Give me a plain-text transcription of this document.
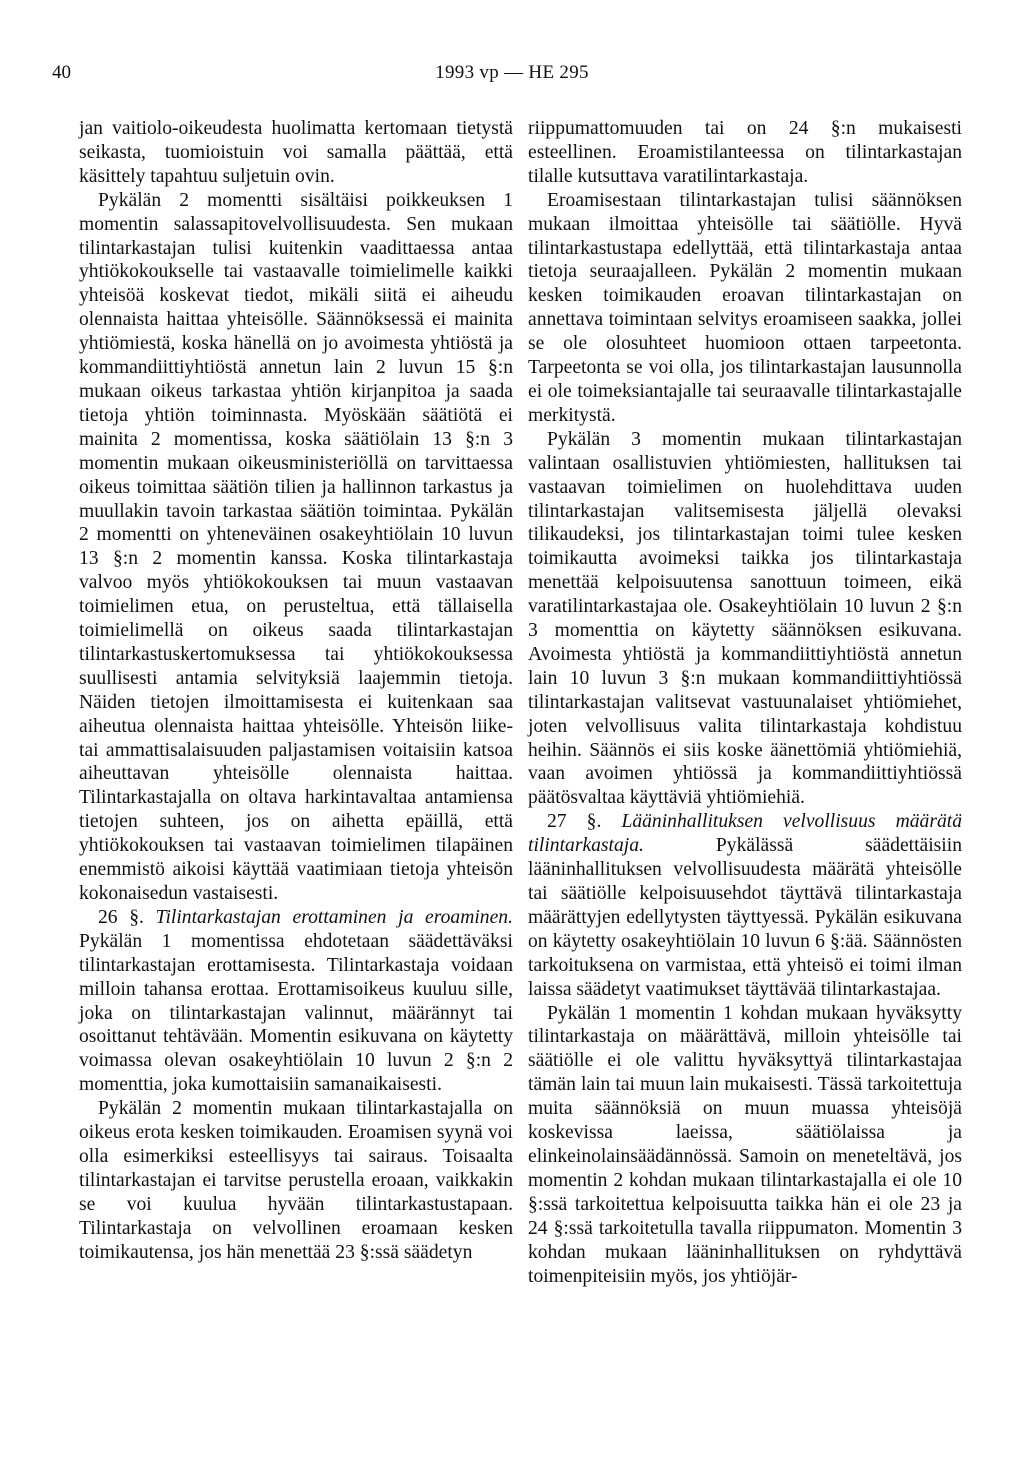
40	1993 vp — HE 295

jan vaitiolo-oikeudesta huolimatta kertomaan tietystä seikasta, tuomioistuin voi samalla päättää, että käsittely tapahtuu suljetuin ovin.

Pykälän 2 momentti sisältäisi poikkeuksen 1 momentin salassapitovelvollisuudesta. Sen mukaan tilintarkastajan tulisi kuitenkin vaadittaessa antaa yhtiökokoukselle tai vastaavalle toimielimelle kaikki yhteisöä koskevat tiedot, mikäli siitä ei aiheudu olennaista haittaa yhteisölle. Säännöksessä ei mainita yhtiömiestä, koska hänellä on jo avoimesta yhtiöstä ja kommandiittiyhtiöstä annetun lain 2 luvun 15 §:n mukaan oikeus tarkastaa yhtiön kirjanpitoa ja saada tietoja yhtiön toiminnasta. Myöskään säätiötä ei mainita 2 momentissa, koska säätiölain 13 §:n 3 momentin mukaan oikeusministeriöllä on tarvittaessa oikeus toimittaa säätiön tilien ja hallinnon tarkastus ja muullakin tavoin tarkastaa säätiön toimintaa. Pykälän 2 momentti on yhteneväinen osakeyhtiölain 10 luvun 13 §:n 2 momentin kanssa. Koska tilintarkastaja valvoo myös yhtiökokouksen tai muun vastaavan toimielimen etua, on perusteltua, että tällaisella toimielimellä on oikeus saada tilintarkastajan tilintarkastuskertomuksessa tai yhtiökokouksessa suullisesti antamia selvityksiä laajemmin tietoja. Näiden tietojen ilmoittamisesta ei kuitenkaan saa aiheutua olennaista haittaa yhteisölle. Yhteisön liike- tai ammattisalaisuuden paljastamisen voitaisiin katsoa aiheuttavan yhteisölle olennaista haittaa. Tilintarkastajalla on oltava harkintavaltaa antamiensa tietojen suhteen, jos on aihetta epäillä, että yhtiökokouksen tai vastaavan toimielimen tilapäinen enemmistö aikoisi käyttää vaatimiaan tietoja yhteisön kokonaisedun vastaisesti.

26 §. Tilintarkastajan erottaminen ja eroaminen. Pykälän 1 momentissa ehdotetaan säädettäväksi tilintarkastajan erottamisesta. Tilintarkastaja voidaan milloin tahansa erottaa. Erottamisoikeus kuuluu sille, joka on tilintarkastajan valinnut, määrännyt tai osoittanut tehtävään. Momentin esikuvana on käytetty voimassa olevan osakeyhtiölain 10 luvun 2 §:n 2 momenttia, joka kumottaisiin samanaikaisesti.

Pykälän 2 momentin mukaan tilintarkastajalla on oikeus erota kesken toimikauden. Eroamisen syynä voi olla esimerkiksi esteellisyys tai sairaus. Toisaalta tilintarkastajan ei tarvitse perustella eroaan, vaikkakin se voi kuulua hyvään tilintarkastustapaan. Tilintarkastaja on velvollinen eroamaan kesken toimikautensa, jos hän menettää 23 §:ssä säädetyn

riippumattomuuden tai on 24 §:n mukaisesti esteellinen. Eroamistilanteessa on tilintarkastajan tilalle kutsuttava varatilintarkastaja.

Eroamisestaan tilintarkastajan tulisi säännöksen mukaan ilmoittaa yhteisölle tai säätiölle. Hyvä tilintarkastustapa edellyttää, että tilintarkastaja antaa tietoja seuraajalleen. Pykälän 2 momentin mukaan kesken toimikauden eroavan tilintarkastajan on annettava toimintaan selvitys eroamiseen saakka, jollei se ole olosuhteet huomioon ottaen tarpeetonta. Tarpeetonta se voi olla, jos tilintarkastajan lausunnolla ei ole toimeksiantajalle tai seuraavalle tilintarkastajalle merkitystä.

Pykälän 3 momentin mukaan tilintarkastajan valintaan osallistuvien yhtiömiesten, hallituksen tai vastaavan toimielimen on huolehdittava uuden tilintarkastajan valitsemisesta jäljellä olevaksi tilikaudeksi, jos tilintarkastajan toimi tulee kesken toimikautta avoimeksi taikka jos tilintarkastaja menettää kelpoisuutensa sanottuun toimeen, eikä varatilintarkastajaa ole. Osakeyhtiölain 10 luvun 2 §:n 3 momenttia on käytetty säännöksen esikuvana. Avoimesta yhtiöstä ja kommandiittiyhtiöstä annetun lain 10 luvun 3 §:n mukaan kommandiittiyhtiössä tilintarkastajan valitsevat vastuunalaiset yhtiömiehet, joten velvollisuus valita tilintarkastaja kohdistuu heihin. Säännös ei siis koske äänettömiä yhtiömiehiä, vaan avoimen yhtiössä ja kommandiittiyhtiössä päätösvaltaa käyttäviä yhtiömiehiä.

27 §. Lääninhallituksen velvollisuus määrätä tilintarkastaja.	Pykälässä säädettäisiin lääninhallituksen velvollisuudesta määrätä yhteisölle tai säätiölle kelpoisuusehdot täyttävä tilintarkastaja määrättyjen edellytysten täyttyessä. Pykälän esikuvana on käytetty osakeyhtiölain 10 luvun 6 §:ää. Säännösten tarkoituksena on varmistaa, että yhteisö ei toimi ilman laissa säädetyt vaatimukset täyttävää tilintarkastajaa.

Pykälän 1 momentin 1 kohdan mukaan hyväksytty tilintarkastaja on määrättävä, milloin yhteisölle tai säätiölle ei ole valittu hyväksyttyä tilintarkastajaa tämän lain tai muun lain mukaisesti. Tässä tarkoitettuja muita säännöksiä on muun muassa yhteisöjä koskevissa laeissa, säätiölaissa ja elinkeinolainsäädännössä. Samoin on meneteltävä, jos momentin 2 kohdan mukaan tilintarkastajalla ei ole 10 §:ssä tarkoitettua kelpoisuutta taikka hän ei ole 23 ja 24 §:ssä tarkoitetulla tavalla riippumaton. Momentin 3 kohdan mukaan lääninhallituksen on ryhdyttävä toimenpiteisiin myös, jos yhtiöjär-
